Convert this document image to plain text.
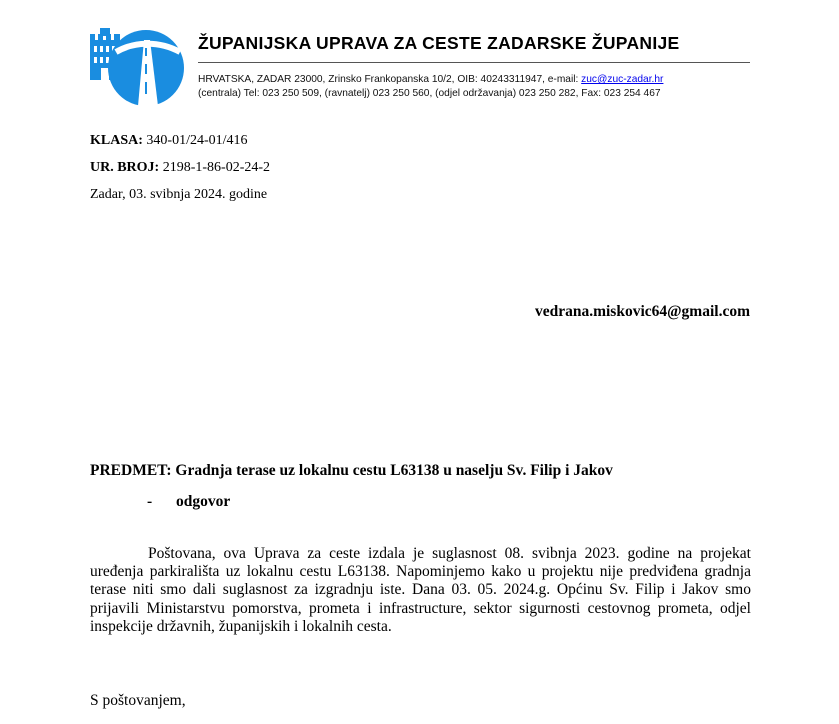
ŽUPANIJSKA UPRAVA ZA CESTE ZADARSKE ŽUPANIJE
HRVATSKA, ZADAR 23000, Zrinsko Frankopanska 10/2, OIB: 40243311947, e-mail: zuc@zuc-zadar.hr
(centrala) Tel: 023 250 509, (ravnatelj) 023 250 560, (odjel održavanja) 023 250 282, Fax: 023 254 467
KLASA: 340-01/24-01/416
UR. BROJ: 2198-1-86-02-24-2
Zadar, 03. svibnja 2024. godine
vedrana.miskovic64@gmail.com
PREDMET: Gradnja terase uz lokalnu cestu L63138 u naselju Sv. Filip i Jakov
- odgovor

Poštovana, ova Uprava za ceste izdala je suglasnost 08. svibnja 2023. godine na projekat uređenja parkirališta uz lokalnu cestu L63138. Napominjemo kako u projektu nije predviđena gradnja terase niti smo dali suglasnost za izgradnju iste. Dana 03. 05. 2024.g. Općinu Sv. Filip i Jakov smo prijavili Ministarstvu pomorstva, prometa i infrastructure, sektor sigurnosti cestovnog prometa, odjel inspekcije državnih, županijskih i lokalnih cesta.

S poštovanjem,
